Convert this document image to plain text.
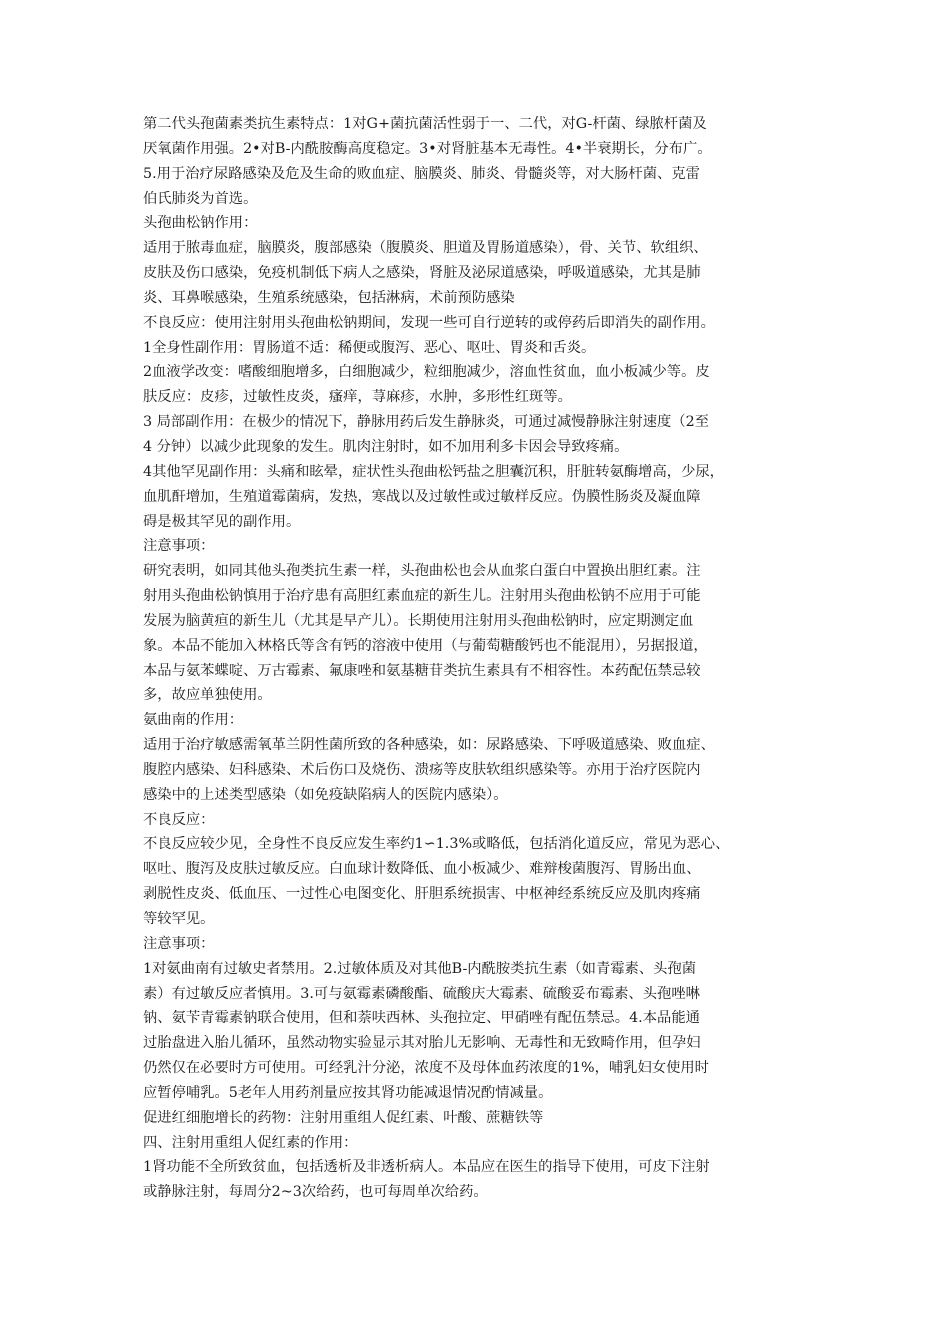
第二代头孢菌素类抗生素特点：1对G+菌抗菌活性弱于一、二代，对G-杆菌、绿脓杆菌及
厌氧菌作用强。2•对B-内酰胺酶高度稳定。3•对肾脏基本无毒性。4•半衰期长，分布广。
5.用于治疗尿路感染及危及生命的败血症、脑膜炎、肺炎、骨髓炎等，对大肠杆菌、克雷
伯氏肺炎为首选。
头孢曲松钠作用：
适用于脓毒血症，脑膜炎，腹部感染（腹膜炎、胆道及胃肠道感染），骨、关节、软组织、
皮肤及伤口感染，免疫机制低下病人之感染，肾脏及泌尿道感染，呼吸道感染，尤其是肺
炎、耳鼻喉感染，生殖系统感染，包括淋病，术前预防感染
不良反应：使用注射用头孢曲松钠期间，发现一些可自行逆转的或停药后即消失的副作用。
1全身性副作用：胃肠道不适：稀便或腹泻、恶心、呕吐、胃炎和舌炎。
2血液学改变：嗜酸细胞增多，白细胞减少，粒细胞减少，溶血性贫血，血小板减少等。皮
肤反应：皮疹，过敏性皮炎，瘙痒，荨麻疹，水肿，多形性红斑等。
3 局部副作用：在极少的情况下，静脉用药后发生静脉炎，可通过减慢静脉注射速度（2至
4 分钟）以减少此现象的发生。肌肉注射时，如不加用利多卡因会导致疼痛。
4其他罕见副作用：头痛和眩晕，症状性头孢曲松钙盐之胆囊沉积，肝脏转氨酶增高，少尿，
血肌酐增加，生殖道霉菌病，发热，寒战以及过敏性或过敏样反应。伪膜性肠炎及凝血障
碍是极其罕见的副作用。
注意事项：
研究表明，如同其他头孢类抗生素一样，头孢曲松也会从血浆白蛋白中置换出胆红素。注
射用头孢曲松钠慎用于治疗患有高胆红素血症的新生儿。注射用头孢曲松钠不应用于可能
发展为脑黄疸的新生儿（尤其是早产儿）。长期使用注射用头孢曲松钠时，应定期测定血
象。本品不能加入林格氏等含有钙的溶液中使用（与葡萄糖酸钙也不能混用），另据报道，
本品与氨苯蝶啶、万古霉素、氟康唑和氨基糖苷类抗生素具有不相容性。本药配伍禁忌较
多，故应单独使用。
氨曲南的作用：
适用于治疗敏感需氧革兰阴性菌所致的各种感染，如：尿路感染、下呼吸道感染、败血症、
腹腔内感染、妇科感染、术后伤口及烧伤、溃疡等皮肤软组织感染等。亦用于治疗医院内
感染中的上述类型感染（如免疫缺陷病人的医院内感染）。
不良反应：
不良反应较少见，全身性不良反应发生率约1∽1.3%或略低，包括消化道反应，常见为恶心、
呕吐、腹泻及皮肤过敏反应。白血球计数降低、血小板减少、难辩梭菌腹泻、胃肠出血、
剥脱性皮炎、低血压、一过性心电图变化、肝胆系统损害、中枢神经系统反应及肌肉疼痛
等较罕见。
注意事项：
1对氨曲南有过敏史者禁用。2.过敏体质及对其他B-内酰胺类抗生素（如青霉素、头孢菌
素）有过敏反应者慎用。3.可与氨霉素磷酸酯、硫酸庆大霉素、硫酸妥布霉素、头孢唑啉
钠、氨苄青霉素钠联合使用，但和萘呋西林、头孢拉定、甲硝唑有配伍禁忌。4.本品能通
过胎盘进入胎儿循环，虽然动物实验显示其对胎儿无影响、无毒性和无致畸作用，但孕妇
仍然仅在必要时方可使用。可经乳汁分泌，浓度不及母体血药浓度的1%，哺乳妇女使用时
应暂停哺乳。5老年人用药剂量应按其肾功能减退情况酌情减量。
促进红细胞增长的药物：注射用重组人促红素、叶酸、蔗糖铁等
四、注射用重组人促红素的作用：
1肾功能不全所致贫血，包括透析及非透析病人。本品应在医生的指导下使用，可皮下注射
或静脉注射，每周分2~3次给药，也可每周单次给药。
